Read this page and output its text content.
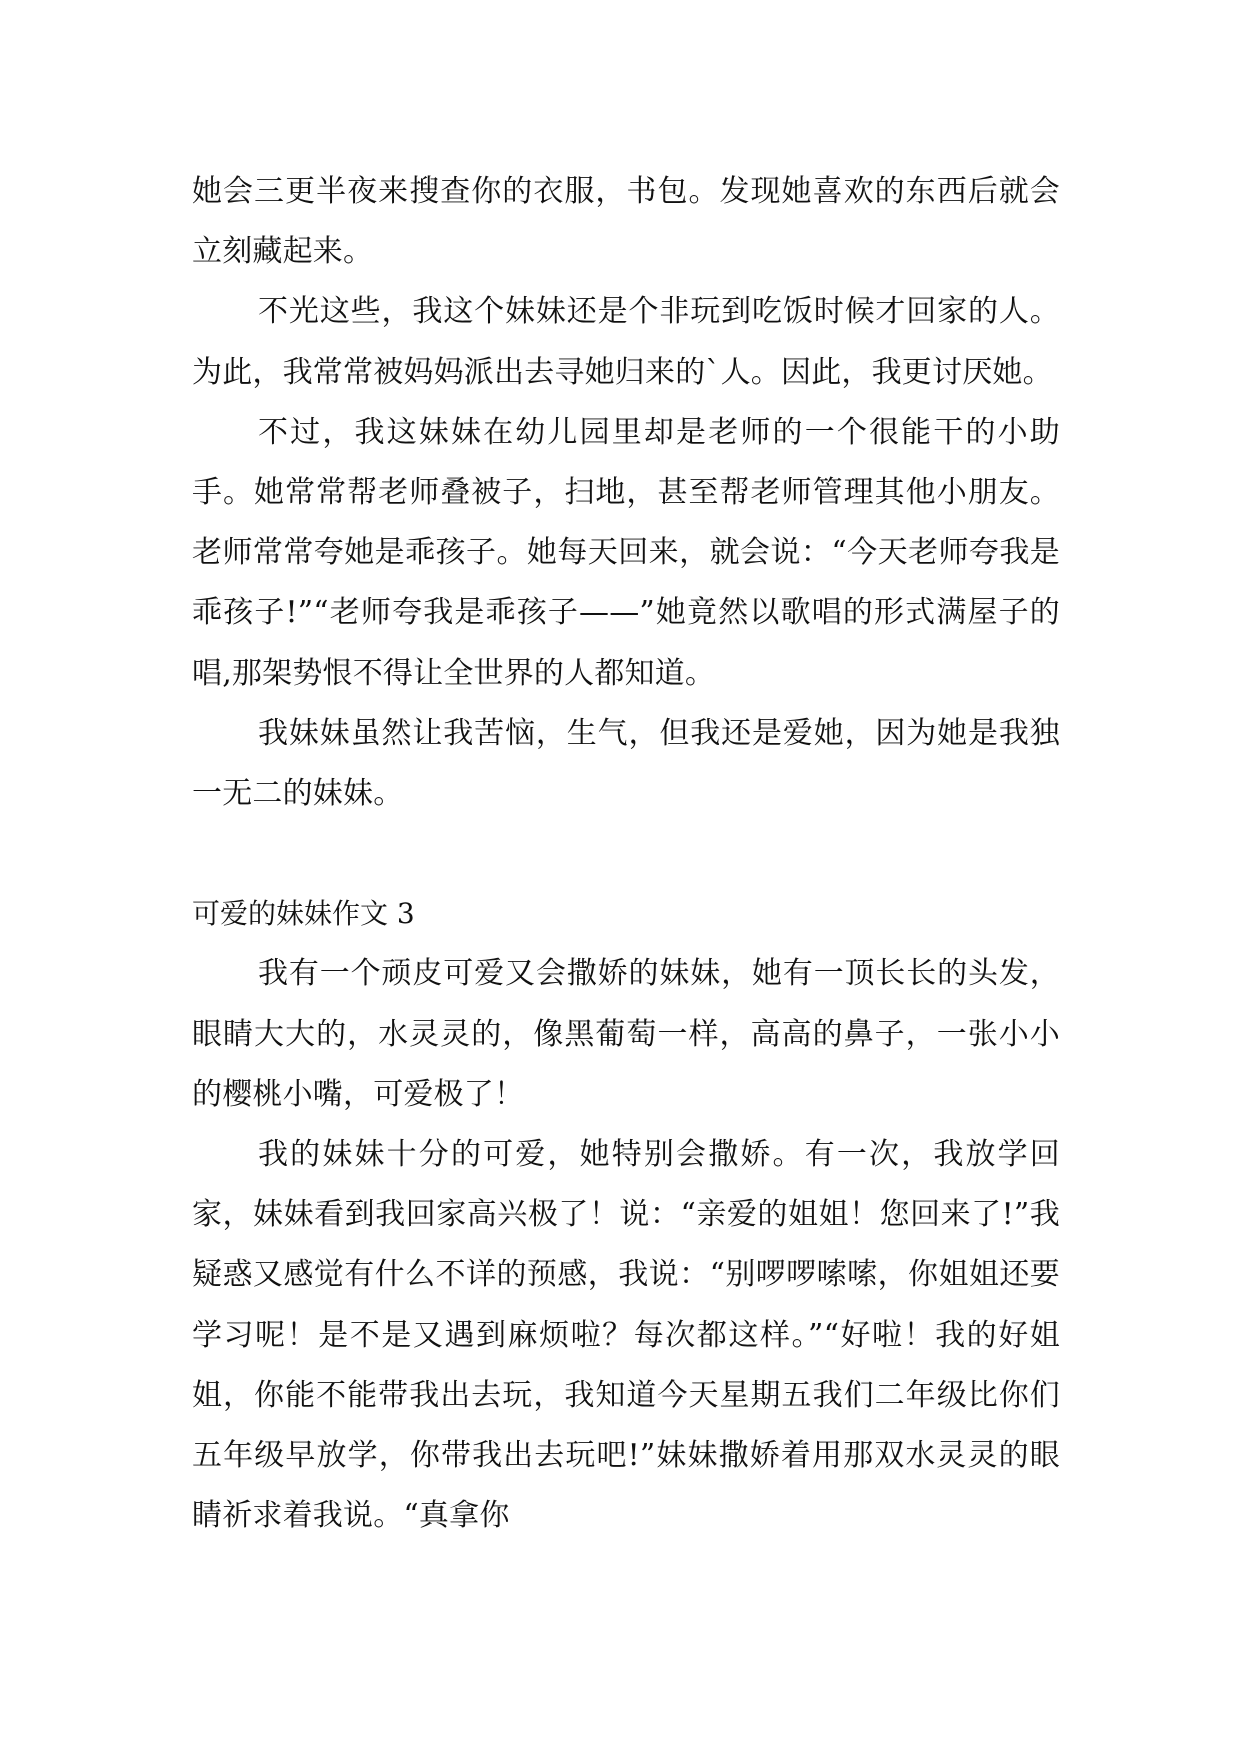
她会三更半夜来搜查你的衣服，书包。发现她喜欢的东西后就会立刻藏起来。

不光这些，我这个妹妹还是个非玩到吃饭时候才回家的人。为此，我常常被妈妈派出去寻她归来的`人。因此，我更讨厌她。

不过，我这妹妹在幼儿园里却是老师的一个很能干的小助手。她常常帮老师叠被子，扫地，甚至帮老师管理其他小朋友。老师常常夸她是乖孩子。她每天回来，就会说：“今天老师夸我是乖孩子!”“老师夸我是乖孩子——”她竟然以歌唱的形式满屋子的唱,那架势恨不得让全世界的人都知道。

我妹妹虽然让我苦恼，生气，但我还是爱她，因为她是我独一无二的妹妹。

可爱的妹妹作文 3

我有一个顽皮可爱又会撒娇的妹妹，她有一顶长长的头发，眼睛大大的，水灵灵的，像黑葡萄一样，高高的鼻子，一张小小的樱桃小嘴，可爱极了！

我的妹妹十分的可爱，她特别会撒娇。有一次，我放学回家，妹妹看到我回家高兴极了！说：“亲爱的姐姐！您回来了!”我疑惑又感觉有什么不详的预感，我说：“别啰啰嗦嗦，你姐姐还要学习呢！是不是又遇到麻烦啦？每次都这样。”“好啦！我的好姐姐，你能不能带我出去玩，我知道今天星期五我们二年级比你们五年级早放学，你带我出去玩吧!”妹妹撒娇着用那双水灵灵的眼睛祈求着我说。“真拿你
